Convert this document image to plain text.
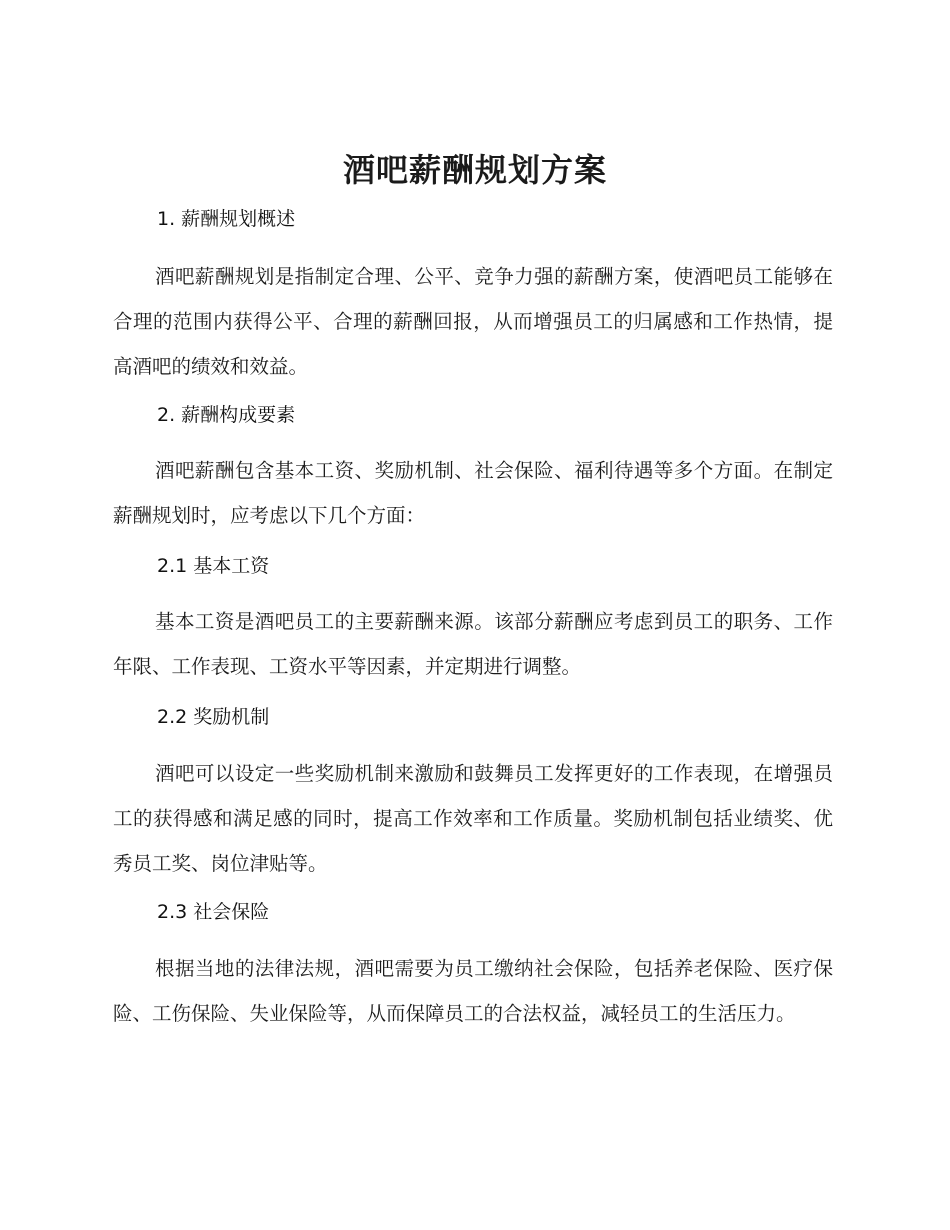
酒吧薪酬规划方案
1. 薪酬规划概述

酒吧薪酬规划是指制定合理、公平、竞争力强的薪酬方案，使酒吧员工能够在合理的范围内获得公平、合理的薪酬回报，从而增强员工的归属感和工作热情，提高酒吧的绩效和效益。

2. 薪酬构成要素

酒吧薪酬包含基本工资、奖励机制、社会保险、福利待遇等多个方面。在制定薪酬规划时，应考虑以下几个方面：

2.1 基本工资

基本工资是酒吧员工的主要薪酬来源。该部分薪酬应考虑到员工的职务、工作年限、工作表现、工资水平等因素，并定期进行调整。

2.2 奖励机制

酒吧可以设定一些奖励机制来激励和鼓舞员工发挥更好的工作表现，在增强员工的获得感和满足感的同时，提高工作效率和工作质量。奖励机制包括业绩奖、优秀员工奖、岗位津贴等。

2.3 社会保险

根据当地的法律法规，酒吧需要为员工缴纳社会保险，包括养老保险、医疗保险、工伤保险、失业保险等，从而保障员工的合法权益，减轻员工的生活压力。
